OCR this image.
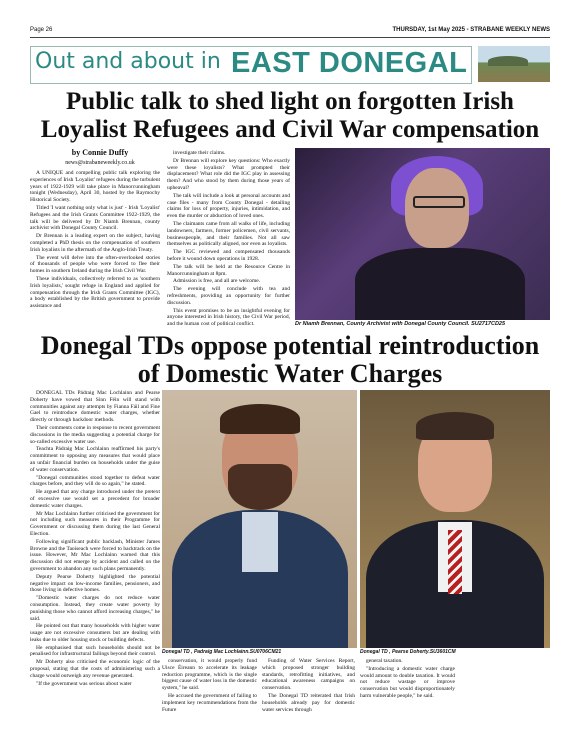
Page 26	THURSDAY, 1st May 2025 - STRABANE WEEKLY NEWS
Out and about in EAST DONEGAL
Public talk to shed light on forgotten Irish Loyalist Refugees and Civil War compensation
by Connie Duffy
news@strabaneweekly.co.uk

A UNIQUE and compelling public talk exploring the experiences of Irish 'Loyalist' refugees during the turbulent years of 1922-1929 will take place in Manorcunningham tonight (Wednesday), April 30, hosted by the Raymochy Historical Society.

Titled 'I want nothing only what is just' - Irish 'Loyalist' Refugees and the Irish Grants Committee 1922-1929, the talk will be delivered by Dr Niamh Brennan, county archivist with Donegal County Council.

Dr Brennan is a leading expert on the subject, having completed a PhD thesis on the compensation of southern Irish loyalists in the aftermath of the Anglo-Irish Treaty.

The event will delve into the often-overlooked stories of thousands of people who were forced to flee their homes in southern Ireland during the Irish Civil War.

These individuals, collectively referred to as 'southern Irish loyalists,' sought refuge in England and applied for compensation through the Irish Grants Committee (IGC), a body established by the British government to provide assistance and

investigate their claims.

Dr Brennan will explore key questions: Who exactly were these loyalists? What prompted their displacement? What role did the IGC play in assessing them? And who stood by them during those years of upheaval?

The talk will include a look at personal accounts and case files - many from County Donegal - detailing claims for loss of property, injuries, intimidation, and even the murder or abduction of loved ones.

The claimants came from all walks of life, including landowners, farmers, former policemen, civil servants, businesspeople, and their families. Not all saw themselves as politically aligned, nor even as loyalists.

The IGC reviewed and compensated thousands before it wound down operations in 1928.

The talk will be held at the Resource Centre in Manorcunningham at 8pm.

Admission is free, and all are welcome.

The evening will conclude with tea and refreshments, providing an opportunity for further discussion.

This event promises to be an insightful evening for anyone interested in Irish history, the Civil War period, and the human cost of political conflict.	Dr Niamh Brennan, County Archivist with Donegal County Council. SU2717CD25
Donegal TDs oppose potential reintroduction of Domestic Water Charges

DONEGAL TDs Pádraig Mac Lochlainn and Pearse Doherty have vowed that Sinn Féin will stand with communities against any attempts by Fianna Fáil and Fine Gael to reintroduce domestic water charges, whether directly or through backdoor methods.

Their comments come in response to recent government discussions in the media suggesting a potential charge for so-called excessive water use.

Teachta Pádraig Mac Lochlainn reaffirmed his party's commitment to opposing any measures that would place an unfair financial burden on households under the guise of water conservation.

"Donegal communities stood together to defeat water charges before, and they will do so again," he stated.

He argued that any charge introduced under the pretext of excessive use would set a precedent for broader domestic water charges.

Mr Mac Lochlainn further criticised the government for not including such measures in their Programme for Government or discussing them during the last General Election.

Following significant public backlash, Minister James Browne and the Taoiseach were forced to backtrack on the issue. However, Mr Mac Lochlainn warned that this discussion did not emerge by accident and called on the government to abandon any such plans permanently.

Deputy Pearse Doherty highlighted the potential negative impact on low-income families, pensioners, and those living in defective homes.

"Domestic water charges do not reduce water consumption. Instead, they create water poverty by punishing those who cannot afford increasing charges," he said.

He pointed out that many households with higher water usage are not excessive consumers but are dealing with leaks due to older housing stock or building defects.

He emphasised that such households should not be penalised for infrastructural failings beyond their control.

Mr Doherty also criticised the economic logic of the proposal, stating that the costs of administering such a charge would outweigh any revenue generated.

"If the government was serious about water

Donegal TD , Padraig Mac Lochlainn.SU0706CM21	Donegal TD , Pearse Doherty.SU3601CM

conservation, it would properly fund Uisce Éireann to accelerate its leakage reduction programme, which is the single biggest cause of water loss in the domestic system," he said.

He accused the government of failing to implement key recommendations from the Future

Funding of Water Services Report, which proposed stronger building standards, retrofitting initiatives, and educational awareness campaigns on conservation.

The Donegal TD reiterated that Irish households already pay for domestic water services through

general taxation.

"Introducing a domestic water charge would amount to double taxation. It would not reduce wastage or improve conservation but would disproportionately harm vulnerable people," he said.
